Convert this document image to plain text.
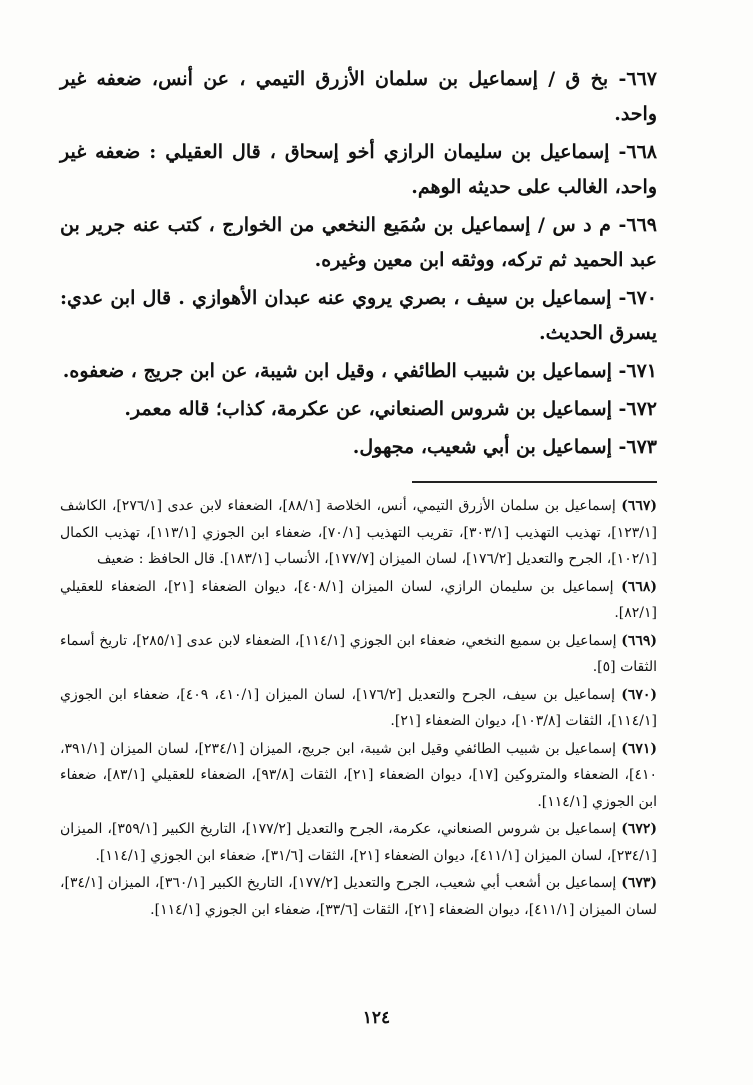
٦٦٧- بخ ق / إسماعيل بن سلمان الأزرق التيمي ، عن أنس، ضعفه غير واحد.

٦٦٨- إسماعيل بن سليمان الرازي أخو إسحاق ، قال العقيلي : ضعفه غير واحد، الغالب على حديثه الوهم.

٦٦٩- م د س / إسماعيل بن سُمَيع النخعي من الخوارج ، كتب عنه جرير بن عبد الحميد ثم تركه، ووثقه ابن معين وغيره.

٦٧٠- إسماعيل بن سيف ، بصري يروي عنه عبدان الأهوازي . قال ابن عدي: يسرق الحديث.

٦٧١- إسماعيل بن شبيب الطائفي ، وقيل ابن شيبة، عن ابن جريج ، ضعفوه.

٦٧٢- إسماعيل بن شروس الصنعاني، عن عكرمة، كذاب؛ قاله معمر.

٦٧٣- إسماعيل بن أبي شعيب، مجهول.

(٦٦٧) إسماعيل بن سلمان الأزرق التيمي، أنس، الخلاصة [٨٨/١]، الضعفاء لابن عدى [٢٧٦/١]، الكاشف [١٢٣/١]، تهذيب التهذيب [٣٠٣/١]، تقريب التهذيب [٧٠/١]، ضعفاء ابن الجوزي [١١٣/١]، تهذيب الكمال [١٠٢/١]، الجرح والتعديل [١٧٦/٢]، لسان الميزان [١٧٧/٧]، الأنساب [١٨٣/١]. قال الحافظ : ضعيف

(٦٦٨) إسماعيل بن سليمان الرازي، لسان الميزان [٤٠٨/١]، ديوان الضعفاء [٢١]، الضعفاء للعقيلي [٨٢/١].

(٦٦٩) إسماعيل بن سميع النخعي، ضعفاء ابن الجوزي [١١٤/١]، الضعفاء لابن عدى [٢٨٥/١]، تاريخ أسماء الثقات [٥].

(٦٧٠) إسماعيل بن سيف، الجرح والتعديل [١٧٦/٢]، لسان الميزان [٤١٠/١، ٤٠٩]، ضعفاء ابن الجوزي [١١٤/١]، الثقات [١٠٣/٨]، ديوان الضعفاء [٢١].

(٦٧١) إسماعيل بن شبيب الطائفي وقيل ابن شيبة، ابن جريج، الميزان [٢٣٤/١]، لسان الميزان [٣٩١/١، ٤١٠]، الضعفاء والمتروكين [١٧]، ديوان الضعفاء [٢١]، الثقات [٩٣/٨]، الضعفاء للعقيلي [٨٣/١]، ضعفاء ابن الجوزي [١١٤/١].

(٦٧٢) إسماعيل بن شروس الصنعاني، عكرمة، الجرح والتعديل [١٧٧/٢]، التاريخ الكبير [٣٥٩/١]، الميزان [٢٣٤/١]، لسان الميزان [٤١١/١]، ديوان الضعفاء [٢١]، الثقات [٣١/٦]، ضعفاء ابن الجوزي [١١٤/١].

(٦٧٣) إسماعيل بن أشعب أبي شعيب، الجرح والتعديل [١٧٧/٢]، التاريخ الكبير [٣٦٠/١]، الميزان [٣٤/١]، لسان الميزان [٤١١/١]، ديوان الضعفاء [٢١]، الثقات [٣٣/٦]، ضعفاء ابن الجوزي [١١٤/١].

١٢٤
